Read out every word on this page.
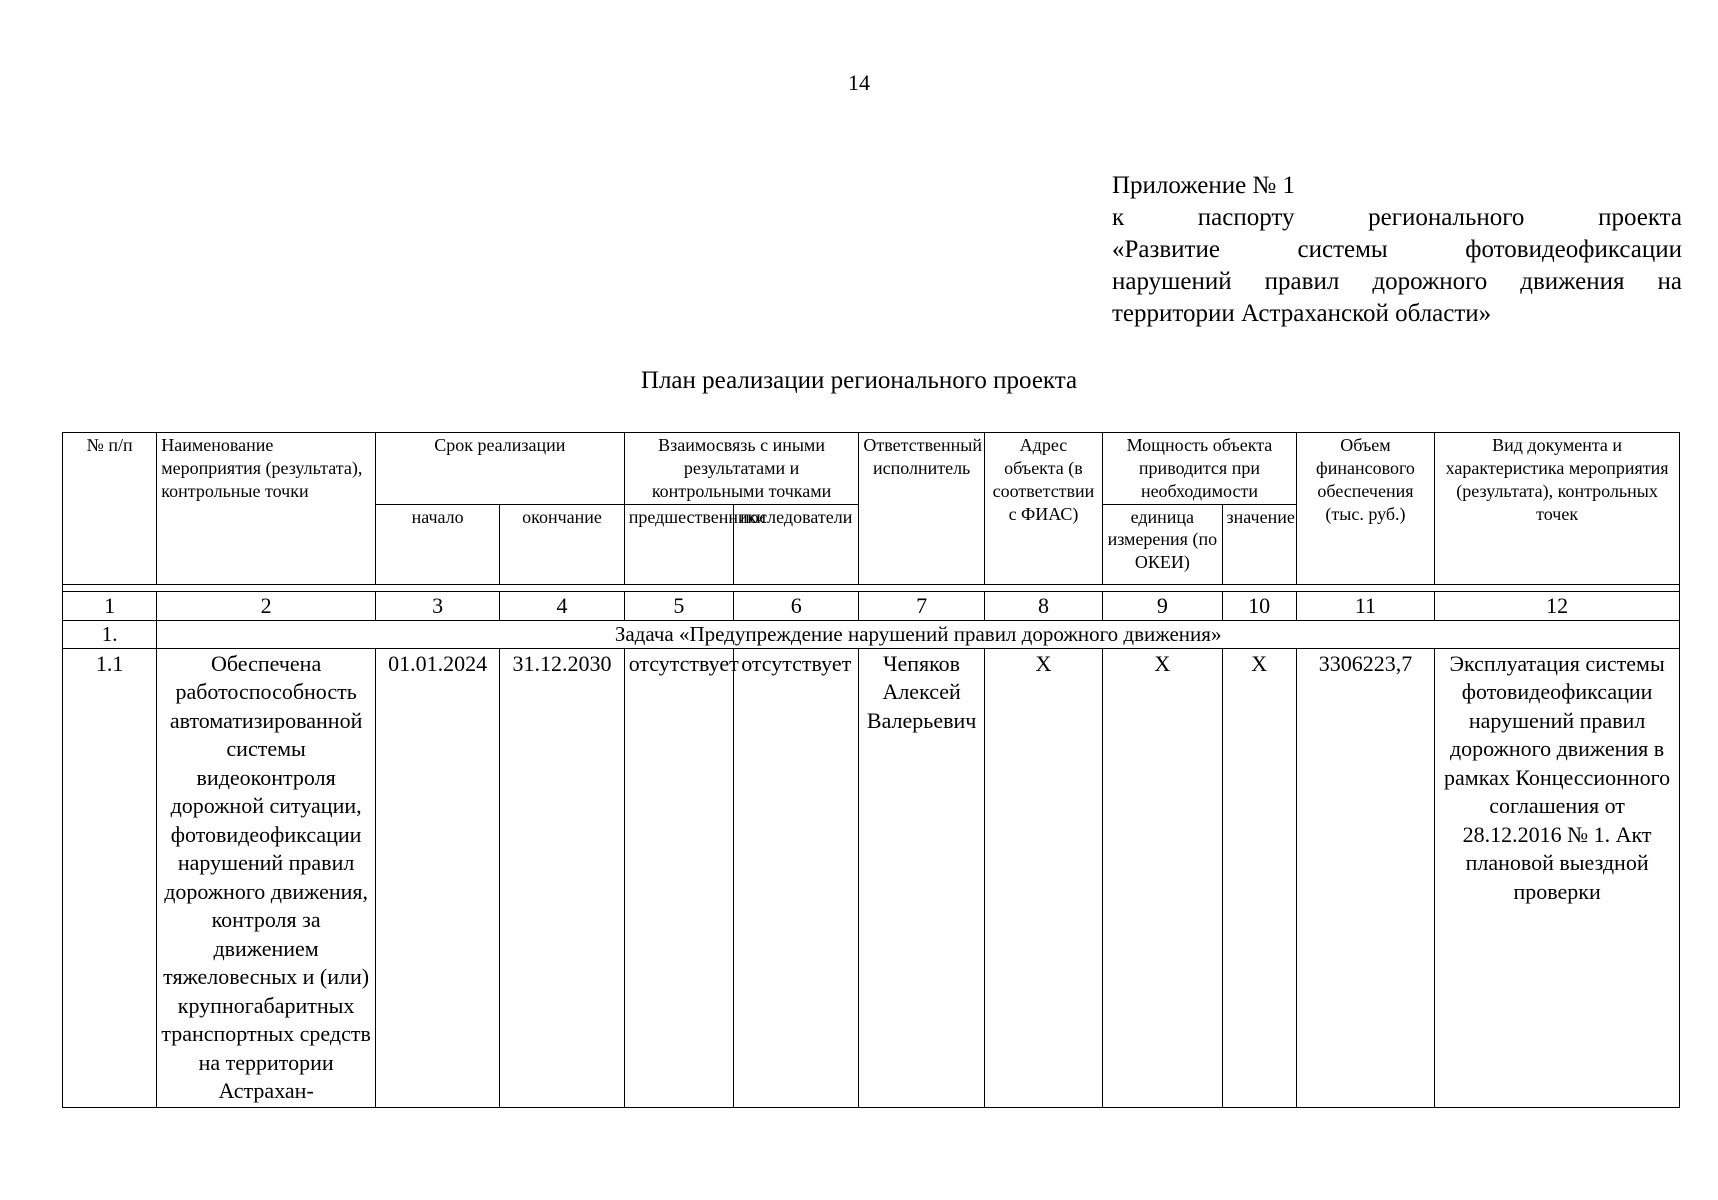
14
Приложение № 1
к паспорту регионального проекта
«Развитие системы фотовидеофиксации
нарушений правил дорожного движения на
территории Астраханской области»
План реализации регионального проекта
№ п/п	Наименование мероприятия (результата), контрольные точки	Срок реализации		Взаимосвязь с иными результатами и контрольными точками		Ответственный исполнитель	Адрес объекта (в соответствии с ФИАС)	Мощность объекта приводится при необходимости		Объем финансового обеспечения (тыс. руб.)	Вид документа и характеристика мероприятия (результата), контрольных точек
		начало	окончание	предшественники	последователи			единица измерения (по ОКЕИ)	значение		

1	2	3	4	5	6	7	8	9	10	11	12
1.	Задача «Предупреждение нарушений правил дорожного движения»										
1.1	Обеспечена работоспособность автоматизированной системы видеоконтроля дорожной ситуации, фотовидеофиксации нарушений правил дорожного движения, контроля за движением тяжеловесных и (или) крупногабаритных транспортных средств на территории Астрахан-	01.01.2024	31.12.2030	отсутствует	отсутствует	Чепяков Алексей Валерьевич	Х	Х	Х	3306223,7	Эксплуатация системы фотовидеофиксации нарушений правил дорожного движения в рамках Концессионного соглашения от 28.12.2016 № 1. Акт плановой выездной проверки
